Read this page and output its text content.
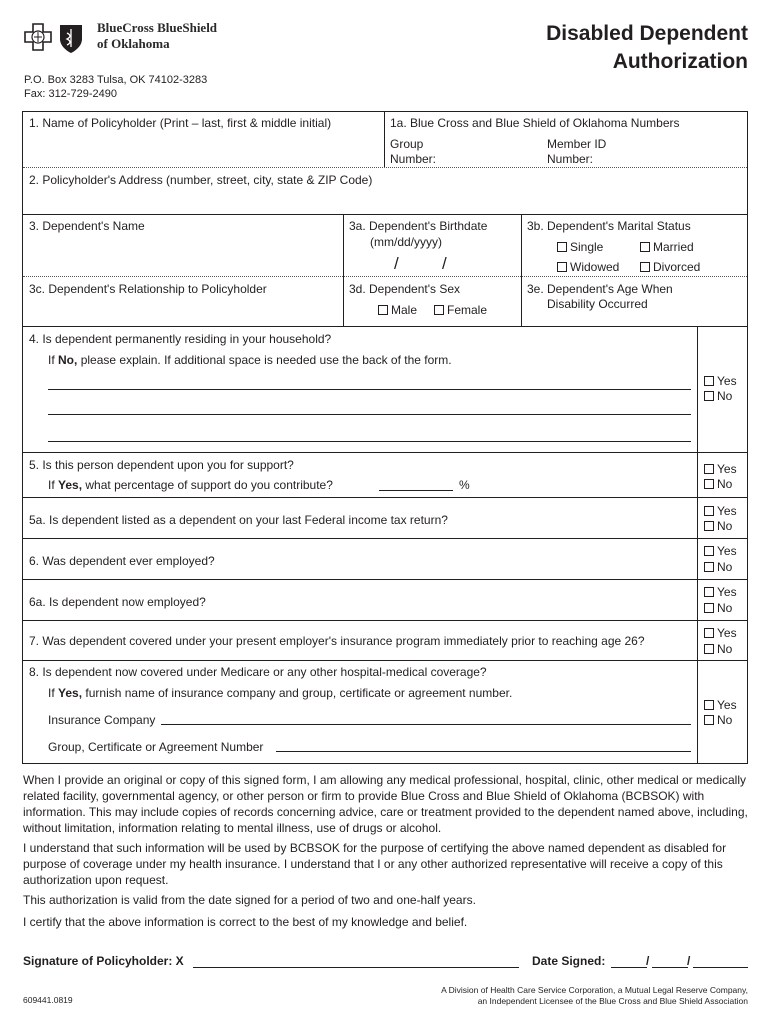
BlueCross BlueShield
of Oklahoma	Disabled Dependent
Authorization
P.O. Box 3283 Tulsa, OK 74102-3283
Fax: 312-729-2490
1. Name of Policyholder (Print – last, first & middle initial)	1a. Blue Cross and Blue Shield of Oklahoma Numbers
Group
Number:
Member ID
Number:
2. Policyholder's Address (number, street, city, state & ZIP Code)
3. Dependent's Name	3a. Dependent's Birthdate
(mm/dd/yyyy)
/	/
3b. Dependent's Marital Status
Single	Married
Widowed	Divorced
3c. Dependent's Relationship to Policyholder	3d. Dependent's Sex
Male	Female
3e. Dependent's Age When
Disability Occurred
4. Is dependent permanently residing in your household?
If No, please explain. If additional space is needed use the back of the form.
Yes
No
5. Is this person dependent upon you for support?
If Yes, what percentage of support do you contribute?	%
Yes
No
5a. Is dependent listed as a dependent on your last Federal income tax return?
Yes
No
6. Was dependent ever employed?
Yes
No
6a. Is dependent now employed?
Yes
No
7. Was dependent covered under your present employer's insurance program immediately prior to reaching age 26?
Yes
No
8. Is dependent now covered under Medicare or any other hospital-medical coverage?
If Yes, furnish name of insurance company and group, certificate or agreement number.
Insurance Company
Group, Certificate or Agreement Number
Yes
No
When I provide an original or copy of this signed form, I am allowing any medical professional, hospital, clinic, other medical or medically related facility, governmental agency, or other person or firm to provide Blue Cross and Blue Shield of Oklahoma (BCBSOK) with information. This may include copies of records concerning advice, care or treatment provided to the dependent named above, including, without limitation, information relating to mental illness, use of drugs or alcohol.
I understand that such information will be used by BCBSOK for the purpose of certifying the above named dependent as disabled for purpose of coverage under my health insurance. I understand that I or any other authorized representative will receive a copy of this authorization upon request.
This authorization is valid from the date signed for a period of two and one-half years.
I certify that the above information is correct to the best of my knowledge and belief.
Signature of Policyholder: X	Date Signed:	/	/
609441.0819
A Division of Health Care Service Corporation, a Mutual Legal Reserve Company,
an Independent Licensee of the Blue Cross and Blue Shield Association
